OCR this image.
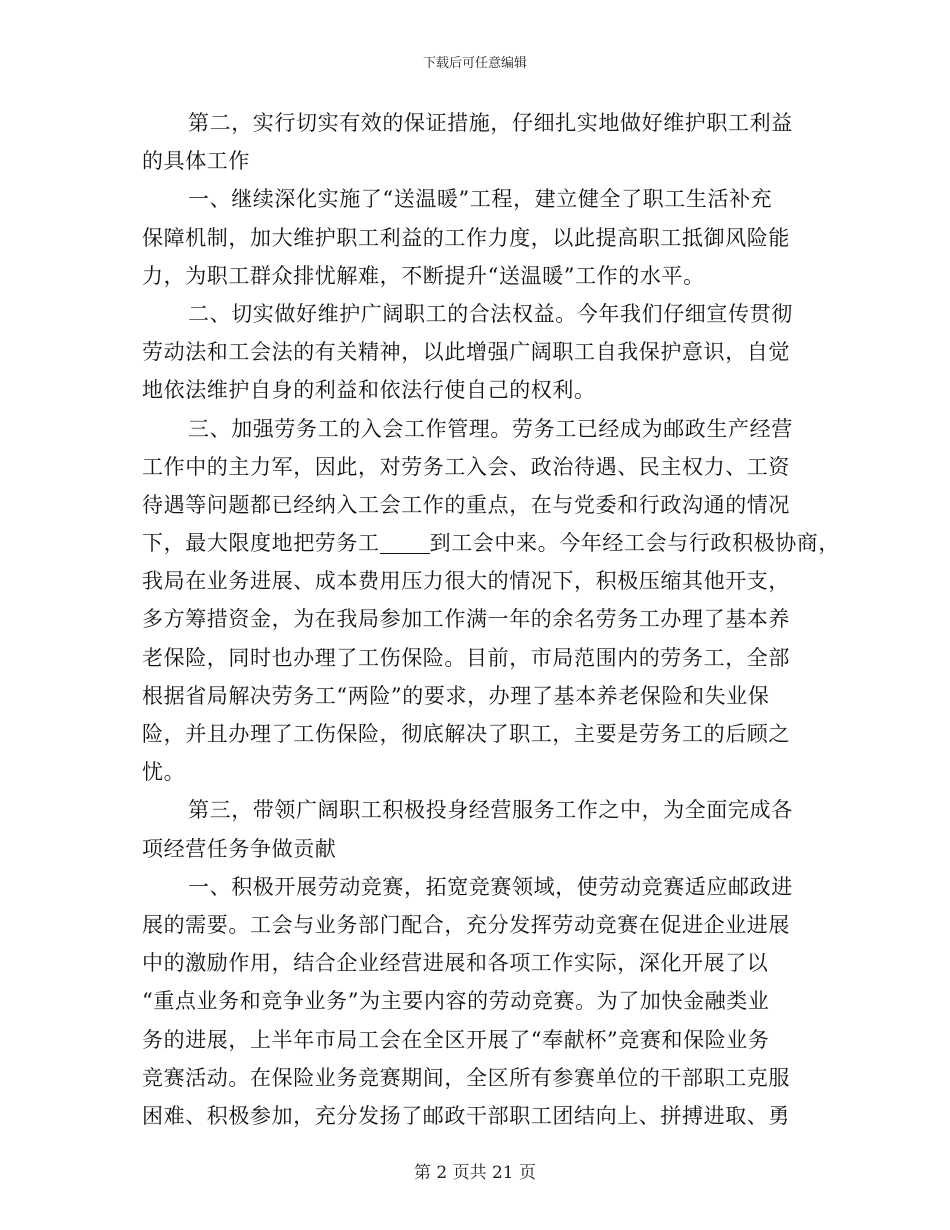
下载后可任意编辑
第二，实行切实有效的保证措施，仔细扎实地做好维护职工利益
的具体工作
一、继续深化实施了“送温暖”工程，建立健全了职工生活补充
保障机制，加大维护职工利益的工作力度，以此提高职工抵御风险能
力，为职工群众排忧解难，不断提升“送温暖”工作的水平。
二、切实做好维护广阔职工的合法权益。今年我们仔细宣传贯彻
劳动法和工会法的有关精神，以此增强广阔职工自我保护意识，自觉
地依法维护自身的利益和依法行使自己的权利。
三、加强劳务工的入会工作管理。劳务工已经成为邮政生产经营
工作中的主力军，因此，对劳务工入会、政治待遇、民主权力、工资
待遇等问题都已经纳入工会工作的重点，在与党委和行政沟通的情况
下，最大限度地把劳务工 到工会中来。今年经工会与行政积极协商，
我局在业务进展、成本费用压力很大的情况下，积极压缩其他开支，
多方筹措资金，为在我局参加工作满一年的余名劳务工办理了基本养
老保险，同时也办理了工伤保险。目前，市局范围内的劳务工，全部
根据省局解决劳务工“两险”的要求，办理了基本养老保险和失业保
险，并且办理了工伤保险，彻底解决了职工，主要是劳务工的后顾之
忧。
第三，带领广阔职工积极投身经营服务工作之中，为全面完成各
项经营任务争做贡献
一、积极开展劳动竞赛，拓宽竞赛领域，使劳动竞赛适应邮政进
展的需要。工会与业务部门配合，充分发挥劳动竞赛在促进企业进展
中的激励作用，结合企业经营进展和各项工作实际，深化开展了以
“重点业务和竞争业务”为主要内容的劳动竞赛。为了加快金融类业
务的进展，上半年市局工会在全区开展了“奉献杯”竞赛和保险业务
竞赛活动。在保险业务竞赛期间，全区所有参赛单位的干部职工克服
困难、积极参加，充分发扬了邮政干部职工团结向上、拼搏进取、勇
第 2 页共 21 页
